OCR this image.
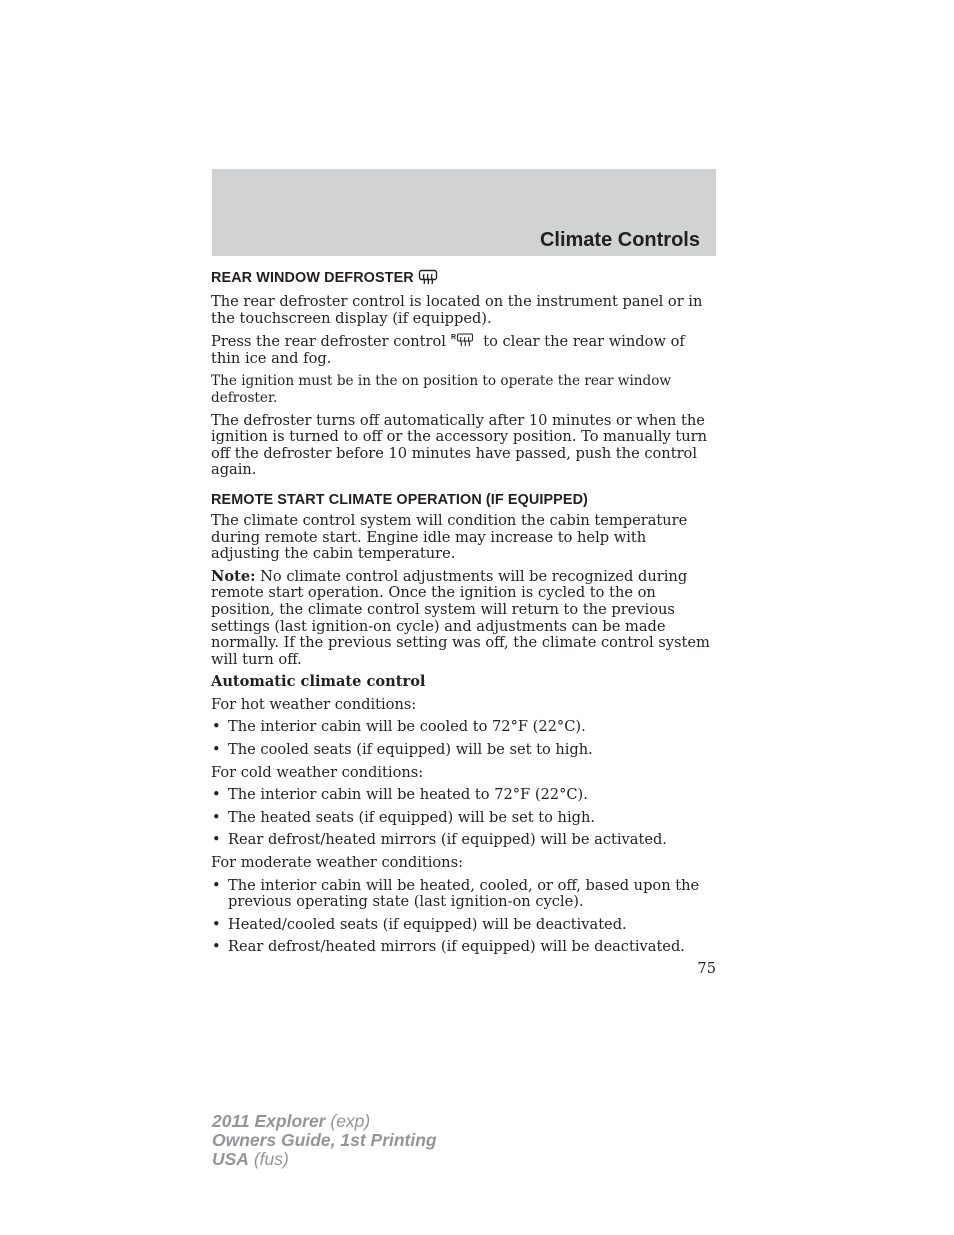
Climate Controls
REAR WINDOW DEFROSTER

The rear defroster control is located on the instrument panel or in the touchscreen display (if equipped).

Press the rear defroster control R to clear the rear window of thin ice and fog.

The ignition must be in the on position to operate the rear window defroster.

The defroster turns off automatically after 10 minutes or when the ignition is turned to off or the accessory position. To manually turn off the defroster before 10 minutes have passed, push the control again.

REMOTE START CLIMATE OPERATION (IF EQUIPPED)

The climate control system will condition the cabin temperature during remote start. Engine idle may increase to help with adjusting the cabin temperature.

Note: No climate control adjustments will be recognized during remote start operation. Once the ignition is cycled to the on position, the climate control system will return to the previous settings (last ignition-on cycle) and adjustments can be made normally. If the previous setting was off, the climate control system will turn off.

Automatic climate control

For hot weather conditions:

• The interior cabin will be cooled to 72°F (22°C).
• The cooled seats (if equipped) will be set to high.

For cold weather conditions:

• The interior cabin will be heated to 72°F (22°C).
• The heated seats (if equipped) will be set to high.
• Rear defrost/heated mirrors (if equipped) will be activated.

For moderate weather conditions:

• The interior cabin will be heated, cooled, or off, based upon the previous operating state (last ignition-on cycle).
• Heated/cooled seats (if equipped) will be deactivated.
• Rear defrost/heated mirrors (if equipped) will be deactivated.
75
2011 Explorer (exp)
Owners Guide, 1st Printing
USA (fus)
